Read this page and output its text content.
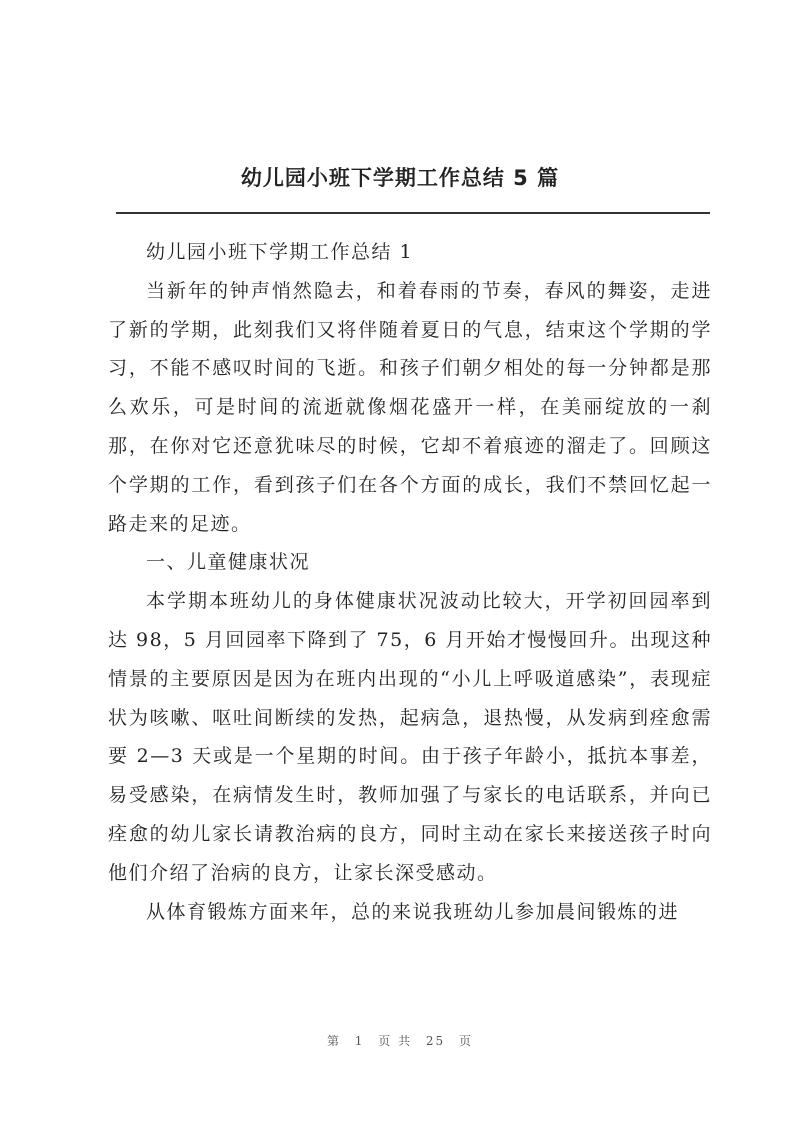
幼儿园小班下学期工作总结 5 篇

幼儿园小班下学期工作总结 1

当新年的钟声悄然隐去，和着春雨的节奏，春风的舞姿，走进了新的学期，此刻我们又将伴随着夏日的气息，结束这个学期的学习，不能不感叹时间的飞逝。和孩子们朝夕相处的每一分钟都是那么欢乐，可是时间的流逝就像烟花盛开一样，在美丽绽放的一刹那，在你对它还意犹味尽的时候，它却不着痕迹的溜走了。回顾这个学期的工作，看到孩子们在各个方面的成长，我们不禁回忆起一路走来的足迹。

一、儿童健康状况

本学期本班幼儿的身体健康状况波动比较大，开学初回园率到达 98，5 月回园率下降到了 75，6 月开始才慢慢回升。出现这种情景的主要原因是因为在班内出现的“小儿上呼吸道感染”，表现症状为咳嗽、呕吐间断续的发热，起病急，退热慢，从发病到痊愈需要 2—3 天或是一个星期的时间。由于孩子年龄小，抵抗本事差，易受感染，在病情发生时，教师加强了与家长的电话联系，并向已痊愈的幼儿家长请教治病的良方，同时主动在家长来接送孩子时向他们介绍了治病的良方，让家长深受感动。

从体育锻炼方面来年，总的来说我班幼儿参加晨间锻炼的进

第 1 页 共 25 页
